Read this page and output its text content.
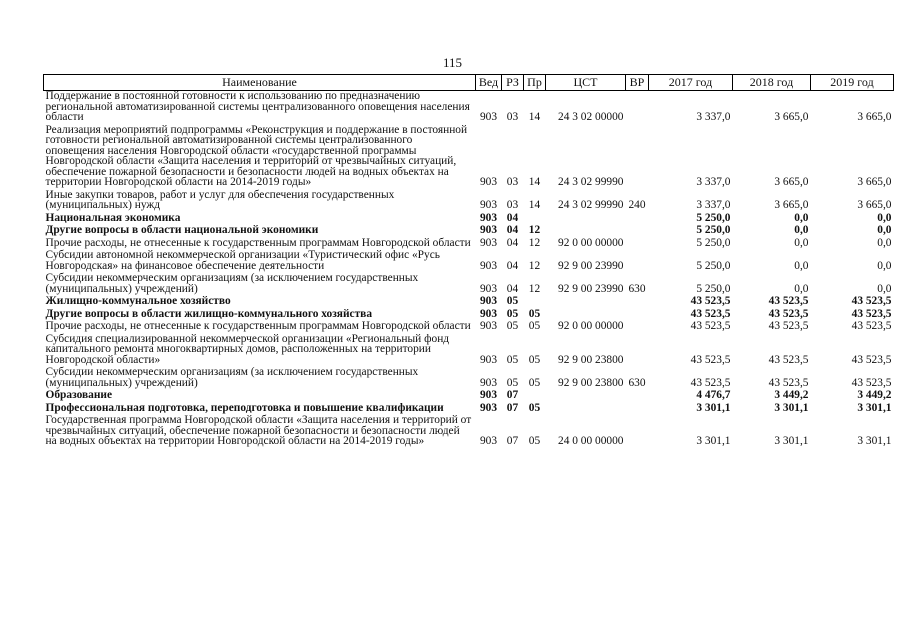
115
Наименование	Вед	РЗ	Пр	ЦСТ	ВР	2017 год	2018 год	2019 год
Поддержание в постоянной готовности к использованию по предназначению региональной автоматизированной системы централизованного оповещения населения области	903	03	14	24 3 02 00000		3 337,0	3 665,0	3 665,0
Реализация мероприятий подпрограммы «Реконструкция и поддержание в постоянной готовности региональной автоматизированной системы централизованного оповещения населения Новгородской области «государственной программы Новгородской области «Защита населения и территорий от чрезвычайных ситуаций, обеспечение пожарной безопасности и безопасности людей на водных объектах на территории Новгородской области на 2014-2019 годы»	903	03	14	24 3 02 99990		3 337,0	3 665,0	3 665,0
Иные закупки товаров, работ и услуг для обеспечения государственных (муниципальных) нужд	903	03	14	24 3 02 99990	240	3 337,0	3 665,0	3 665,0
Национальная экономика	903	04				5 250,0	0,0	0,0
Другие вопросы в области национальной экономики	903	04	12			5 250,0	0,0	0,0
Прочие расходы, не отнесенные к государственным программам Новгородской области	903	04	12	92 0 00 00000		5 250,0	0,0	0,0
Субсидии автономной некоммерческой организации «Туристический офис «Русь Новгородская» на финансовое обеспечение деятельности	903	04	12	92 9 00 23990		5 250,0	0,0	0,0
Субсидии некоммерческим организациям (за исключением государственных (муниципальных) учреждений)	903	04	12	92 9 00 23990	630	5 250,0	0,0	0,0
Жилищно-коммунальное хозяйство	903	05				43 523,5	43 523,5	43 523,5
Другие вопросы в области жилищно-коммунального хозяйства	903	05	05			43 523,5	43 523,5	43 523,5
Прочие расходы, не отнесенные к государственным программам Новгородской области	903	05	05	92 0 00 00000		43 523,5	43 523,5	43 523,5
Субсидия специализированной некоммерческой организации «Региональный фонд капитального ремонта многоквартирных домов, расположенных на территории Новгородской области»	903	05	05	92 9 00 23800		43 523,5	43 523,5	43 523,5
Субсидии некоммерческим организациям (за исключением государственных (муниципальных) учреждений)	903	05	05	92 9 00 23800	630	43 523,5	43 523,5	43 523,5
Образование	903	07				4 476,7	3 449,2	3 449,2
Профессиональная подготовка, переподготовка и повышение квалификации	903	07	05			3 301,1	3 301,1	3 301,1
Государственная программа Новгородской области «Защита населения и территорий от чрезвычайных ситуаций, обеспечение пожарной безопасности и безопасности людей на водных объектах на территории Новгородской области на 2014-2019 годы»	903	07	05	24 0 00 00000		3 301,1	3 301,1	3 301,1
